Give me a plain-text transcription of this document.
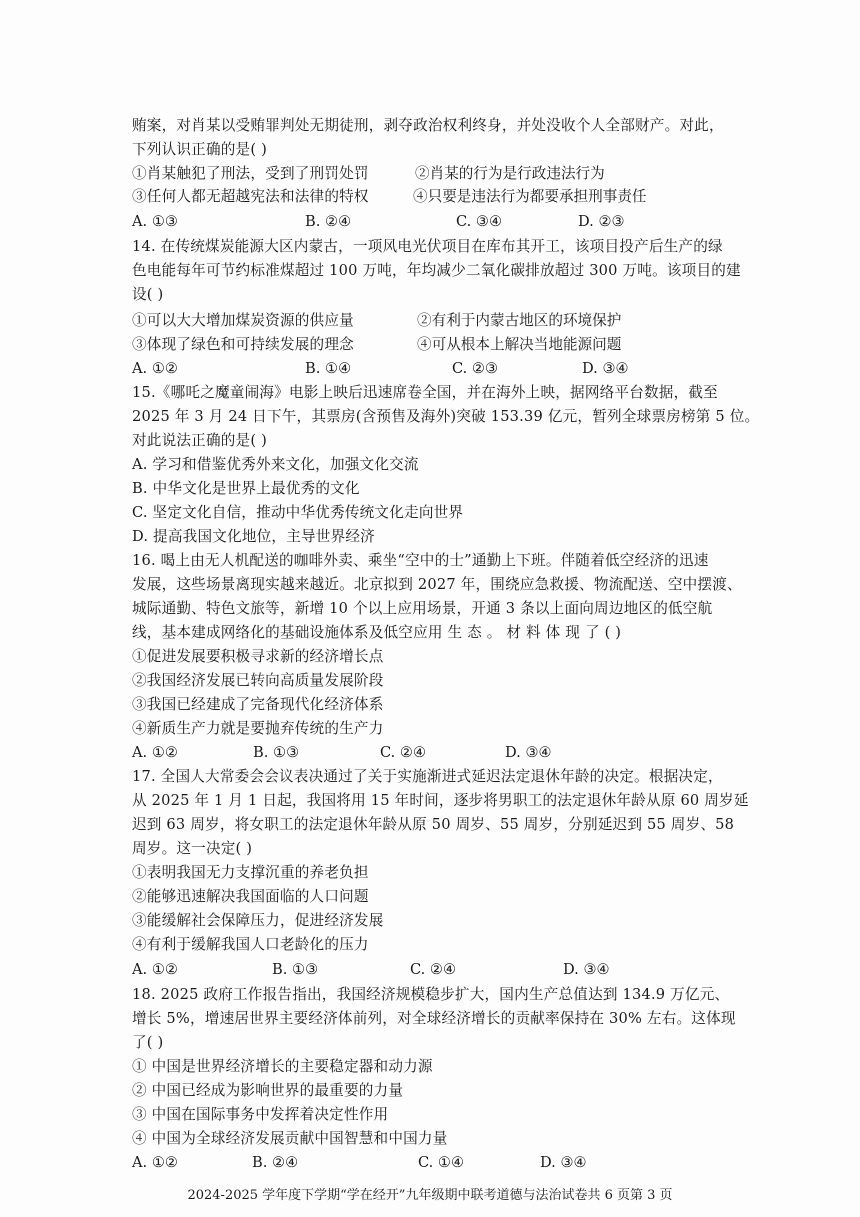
贿案，对肖某以受贿罪判处无期徒刑，剥夺政治权利终身，并处没收个人全部财产。对此，
下列认识正确的是( )
①肖某触犯了刑法，受到了刑罚处罚	②肖某的行为是行政违法行为
③任何人都无超越宪法和法律的特权	④只要是违法行为都要承担刑事责任
A. ①③	B. ②④	C. ③④	D. ②③
14. 在传统煤炭能源大区内蒙古，一项风电光伏项目在库布其开工，该项目投产后生产的绿
色电能每年可节约标准煤超过 100 万吨，年均减少二氧化碳排放超过 300 万吨。该项目的建
设( )
①可以大大增加煤炭资源的供应量	②有利于内蒙古地区的环境保护
③体现了绿色和可持续发展的理念	④可从根本上解决当地能源问题
A. ①②	B. ①④	C. ②③	D. ③④
15.《哪吒之魔童闹海》电影上映后迅速席卷全国，并在海外上映，据网络平台数据，截至
2025 年 3 月 24 日下午，其票房(含预售及海外)突破 153.39 亿元，暂列全球票房榜第 5 位。
对此说法正确的是( )
A. 学习和借鉴优秀外来文化，加强文化交流
B. 中华文化是世界上最优秀的文化
C. 坚定文化自信，推动中华优秀传统文化走向世界
D. 提高我国文化地位，主导世界经济
16. 喝上由无人机配送的咖啡外卖、乘坐“空中的士”通勤上下班。伴随着低空经济的迅速
发展，这些场景离现实越来越近。北京拟到 2027 年，围绕应急救援、物流配送、空中摆渡、
城际通勤、特色文旅等，新增 10 个以上应用场景，开通 3 条以上面向周边地区的低空航
线，基本建成网络化的基础设施体系及低空应用 生 态 。 材 料 体 现 了 ( )
①促进发展要积极寻求新的经济增长点
②我国经济发展已转向高质量发展阶段
③我国已经建成了完备现代化经济体系
④新质生产力就是要抛弃传统的生产力
A. ①②	B. ①③	C. ②④	D. ③④
17. 全国人大常委会会议表决通过了关于实施渐进式延迟法定退休年龄的决定。根据决定，
从 2025 年 1 月 1 日起，我国将用 15 年时间，逐步将男职工的法定退休年龄从原 60 周岁延
迟到 63 周岁，将女职工的法定退休年龄从原 50 周岁、55 周岁，分别延迟到 55 周岁、58
周岁。这一决定( )
①表明我国无力支撑沉重的养老负担
②能够迅速解决我国面临的人口问题
③能缓解社会保障压力，促进经济发展
④有利于缓解我国人口老龄化的压力
A. ①②	B. ①③	C. ②④	D. ③④
18. 2025 政府工作报告指出，我国经济规模稳步扩大，国内生产总值达到 134.9 万亿元、
增长 5%，增速居世界主要经济体前列，对全球经济增长的贡献率保持在 30% 左右。这体现
了( )
① 中国是世界经济增长的主要稳定器和动力源
② 中国已经成为影响世界的最重要的力量
③ 中国在国际事务中发挥着决定性作用
④ 中国为全球经济发展贡献中国智慧和中国力量
A. ①②	B. ②④	C. ①④	D. ③④
2024-2025 学年度下学期“学在经开”九年级期中联考道德与法治试卷共 6 页第 3 页
